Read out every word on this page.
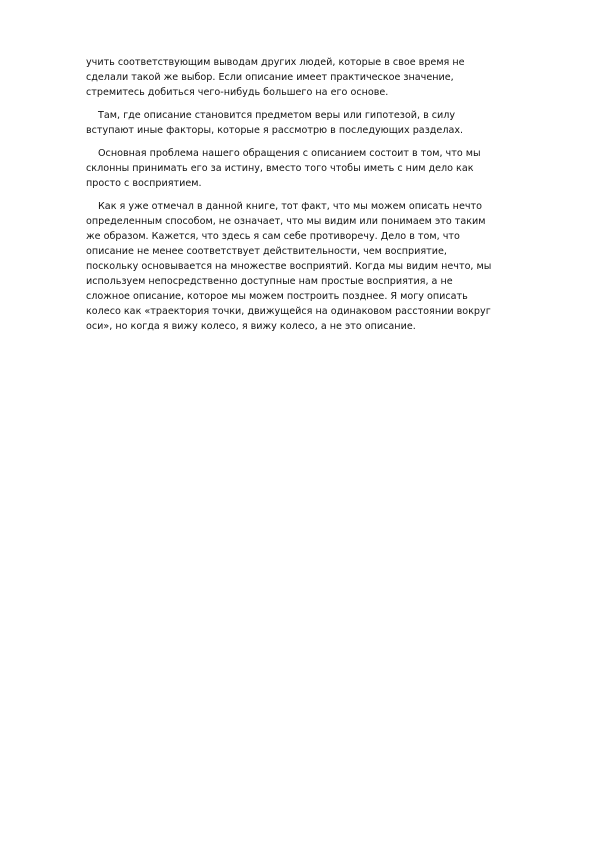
учить соответствующим выводам других людей, которые в свое время не
сделали такой же выбор. Если описание имеет практическое значение,
стремитесь добиться чего-нибудь большего на его основе.

Там, где описание становится предметом веры или гипотезой, в силу
вступают иные факторы, которые я рассмотрю в последующих разделах.

Основная проблема нашего обращения с описанием состоит в том, что мы
склонны принимать его за истину, вместо того чтобы иметь с ним дело как
просто с восприятием.

Как я уже отмечал в данной книге, тот факт, что мы можем описать нечто
определенным способом, не означает, что мы видим или понимаем это таким
же образом. Кажется, что здесь я сам себе противоречу. Дело в том, что
описание не менее соответствует действительности, чем восприятие,
поскольку основывается на множестве восприятий. Когда мы видим нечто, мы
используем непосредственно доступные нам простые восприятия, а не
сложное описание, которое мы можем построить позднее. Я могу описать
колесо как «траектория точки, движущейся на одинаковом расстоянии вокруг
оси», но когда я вижу колесо, я вижу колесо, а не это описание.
